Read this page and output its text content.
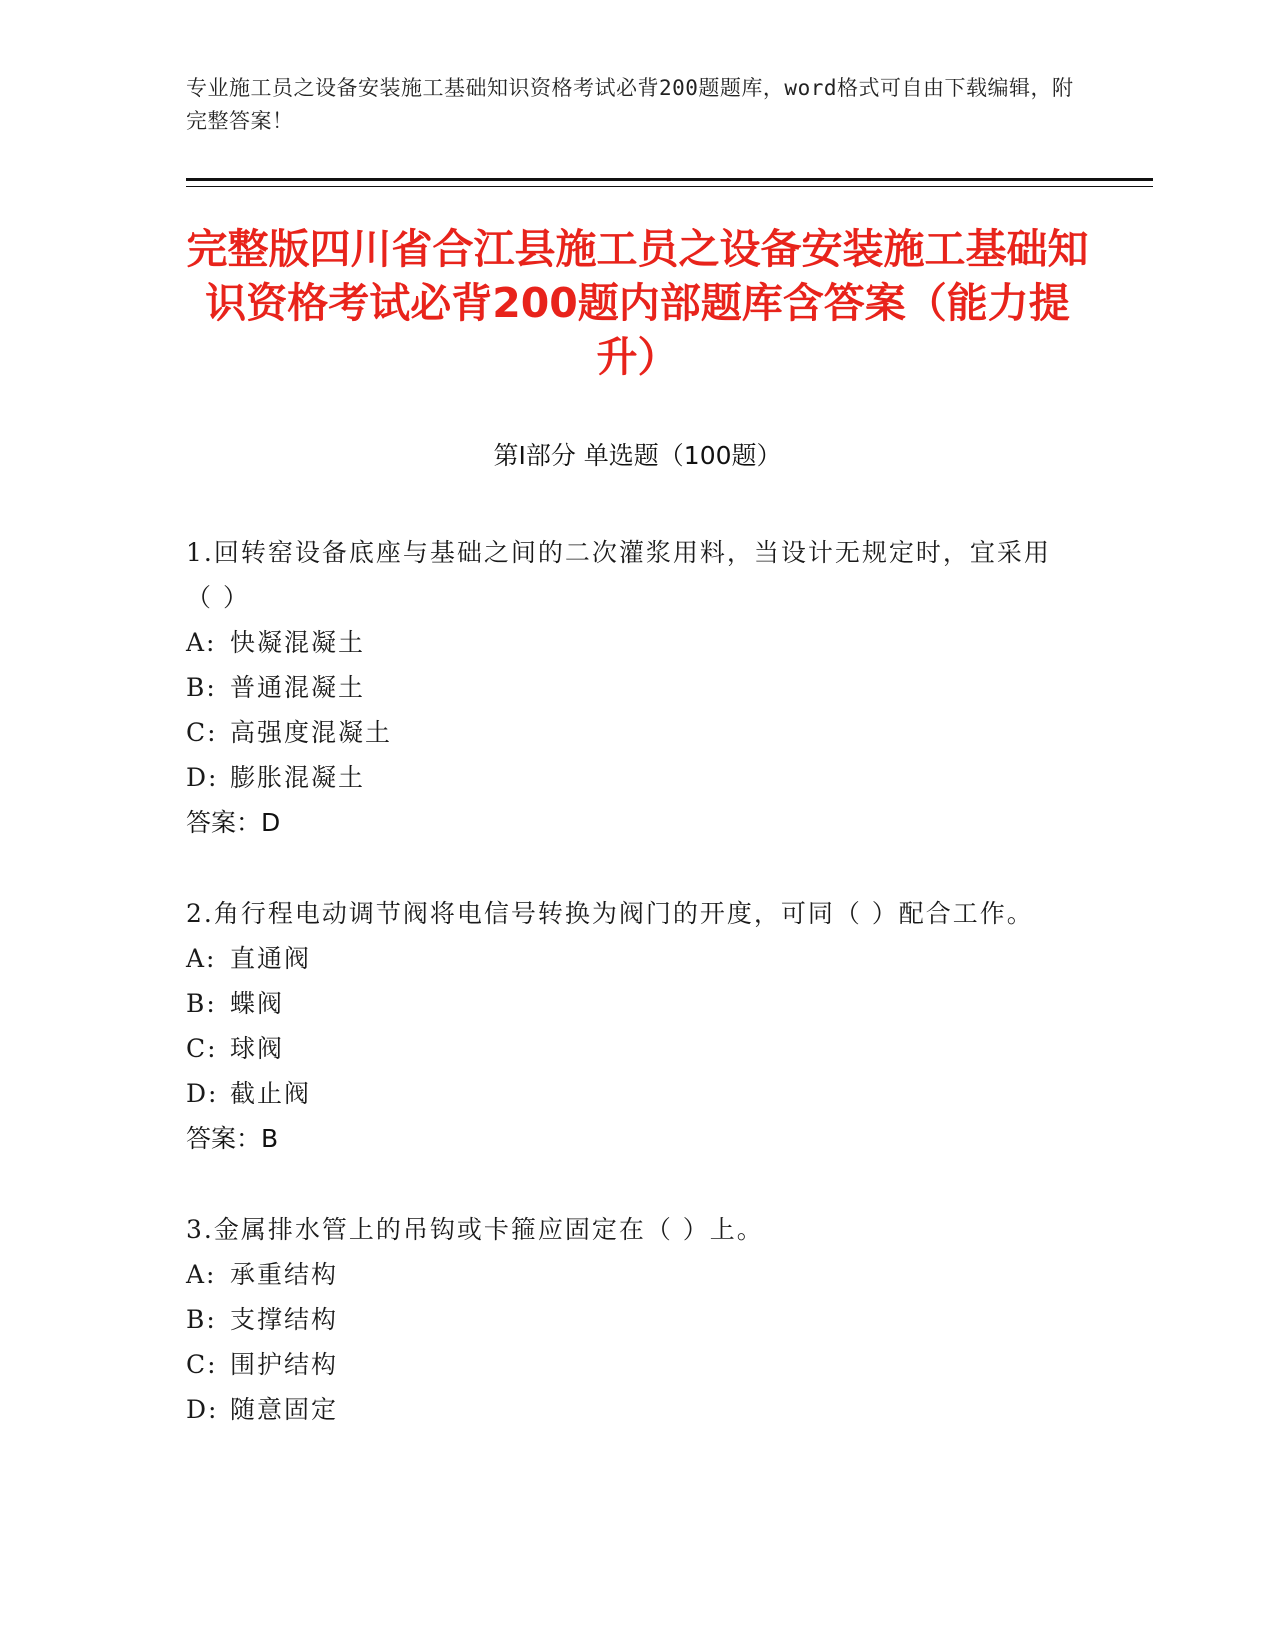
专业施工员之设备安装施工基础知识资格考试必背200题题库，word格式可自由下载编辑，附完整答案！
完整版四川省合江县施工员之设备安装施工基础知识资格考试必背200题内部题库含答案（能力提升）
第Ⅰ部分 单选题（100题）
1.回转窑设备底座与基础之间的二次灌浆用料，当设计无规定时，宜采用（ ）
A: 快凝混凝土
B: 普通混凝土
C: 高强度混凝土
D: 膨胀混凝土
答案：D
2.角行程电动调节阀将电信号转换为阀门的开度，可同（ ）配合工作。
A: 直通阀
B: 蝶阀
C: 球阀
D: 截止阀
答案：B
3.金属排水管上的吊钩或卡箍应固定在（ ）上。
A: 承重结构
B: 支撑结构
C: 围护结构
D: 随意固定
